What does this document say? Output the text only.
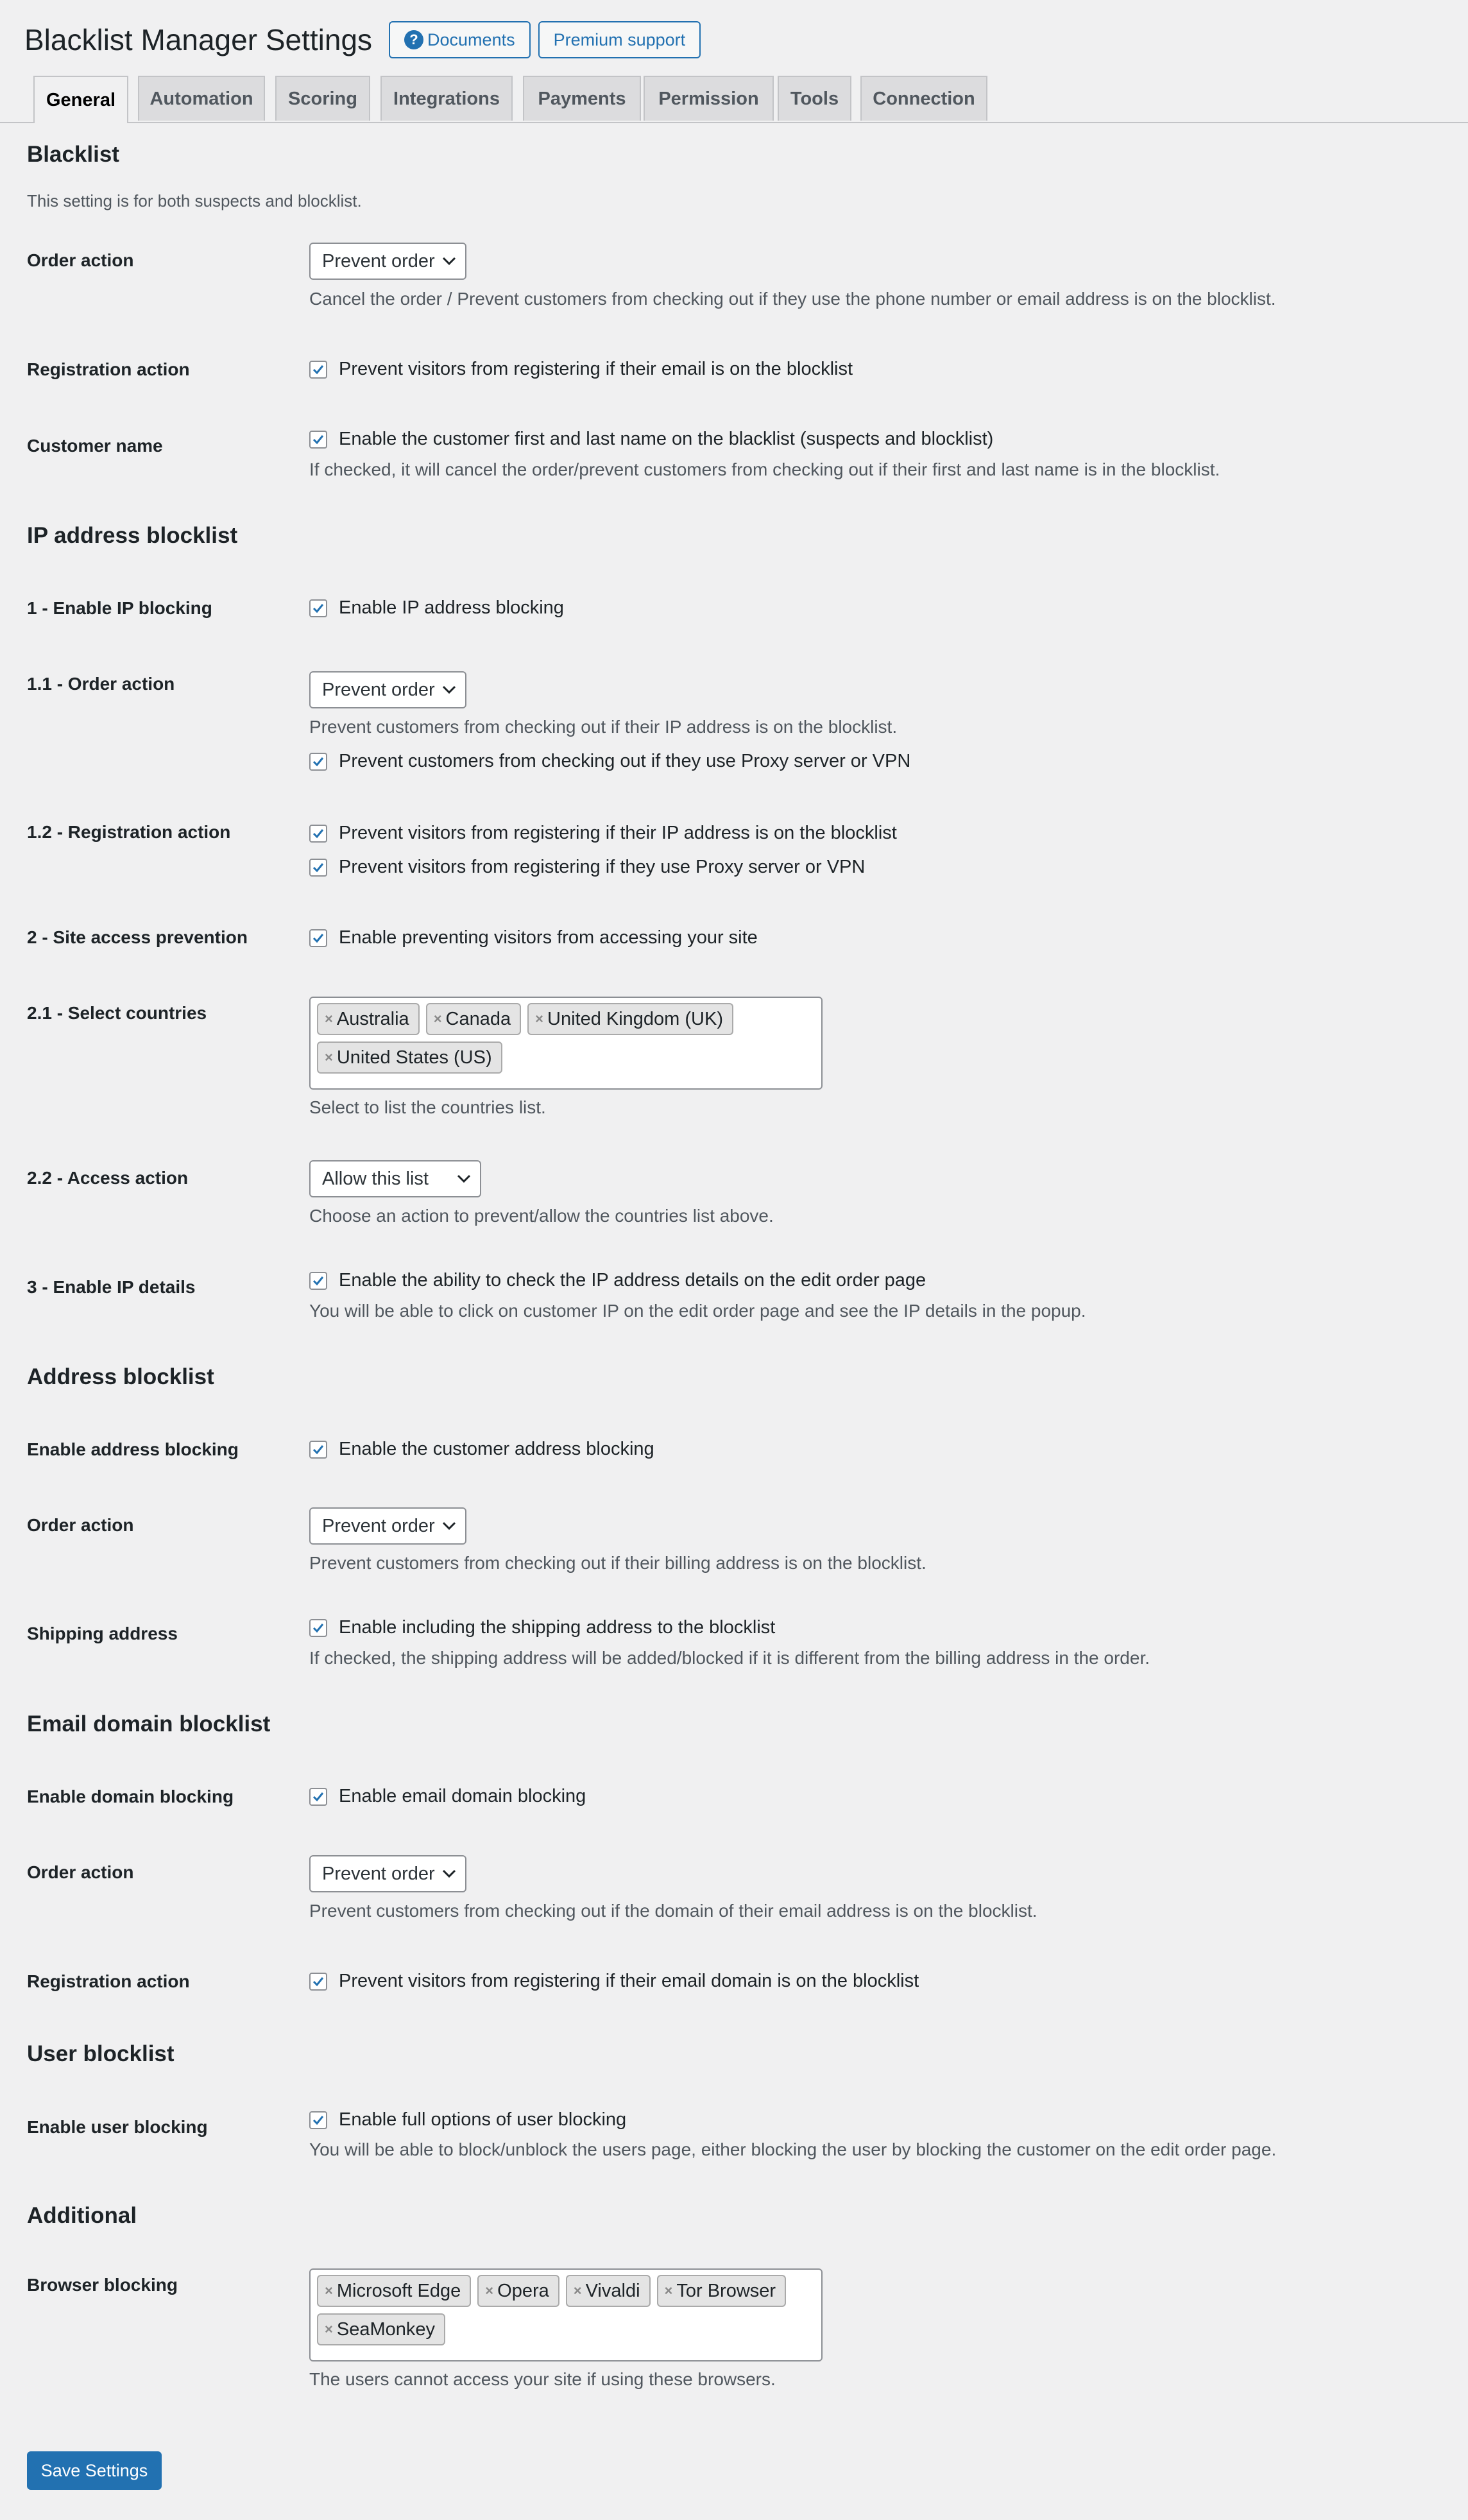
Blacklist Manager Settings	? Documents	Premium support
General	Automation	Scoring	Integrations	Payments	Permission	Tools	Connection
Blacklist
This setting is for both suspects and blocklist.
Order action	Prevent order
Cancel the order / Prevent customers from checking out if they use the phone number or email address is on the blocklist.
Registration action	Prevent visitors from registering if their email is on the blocklist
Customer name	Enable the customer first and last name on the blacklist (suspects and blocklist)
If checked, it will cancel the order/prevent customers from checking out if their first and last name is in the blocklist.
IP address blocklist
1 - Enable IP blocking	Enable IP address blocking
1.1 - Order action	Prevent order
Prevent customers from checking out if their IP address is on the blocklist.
Prevent customers from checking out if they use Proxy server or VPN
1.2 - Registration action	Prevent visitors from registering if their IP address is on the blocklist
Prevent visitors from registering if they use Proxy server or VPN
2 - Site access prevention	Enable preventing visitors from accessing your site
2.1 - Select countries	× Australia × Canada × United Kingdom (UK)
× United States (US)
Select to list the countries list.
2.2 - Access action	Allow this list
Choose an action to prevent/allow the countries list above.
3 - Enable IP details	Enable the ability to check the IP address details on the edit order page
You will be able to click on customer IP on the edit order page and see the IP details in the popup.
Address blocklist
Enable address blocking	Enable the customer address blocking
Order action	Prevent order
Prevent customers from checking out if their billing address is on the blocklist.
Shipping address	Enable including the shipping address to the blocklist
If checked, the shipping address will be added/blocked if it is different from the billing address in the order.
Email domain blocklist
Enable domain blocking	Enable email domain blocking
Order action	Prevent order
Prevent customers from checking out if the domain of their email address is on the blocklist.
Registration action	Prevent visitors from registering if their email domain is on the blocklist
User blocklist
Enable user blocking	Enable full options of user blocking
You will be able to block/unblock the users page, either blocking the user by blocking the customer on the edit order page.
Additional
Browser blocking	× Microsoft Edge × Opera × Vivaldi × Tor Browser
× SeaMonkey
The users cannot access your site if using these browsers.
Save Settings
